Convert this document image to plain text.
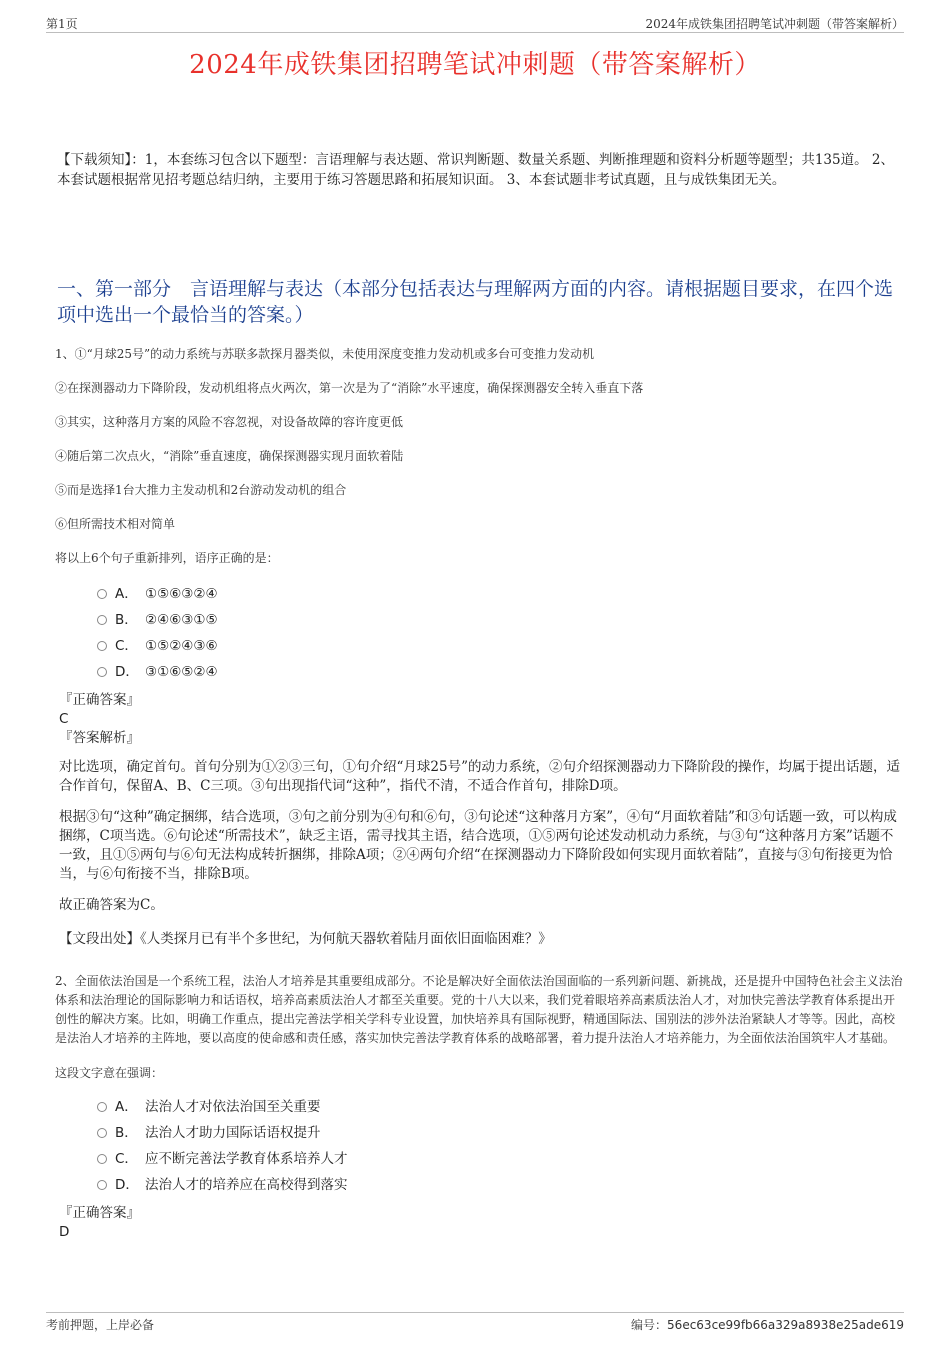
第1页	2024年成铁集团招聘笔试冲刺题（带答案解析）
2024年成铁集团招聘笔试冲刺题（带答案解析）
【下载须知】：1，本套练习包含以下题型：言语理解与表达题、常识判断题、数量关系题、判断推理题和资料分析题等题型；共135道。 2、本套试题根据常见招考题总结归纳，主要用于练习答题思路和拓展知识面。 3、本套试题非考试真题，且与成铁集团无关。
一、第一部分　言语理解与表达（本部分包括表达与理解两方面的内容。请根据题目要求，在四个选项中选出一个最恰当的答案。）

1、①“月球25号”的动力系统与苏联多款探月器类似，未使用深度变推力发动机或多台可变推力发动机

②在探测器动力下降阶段，发动机组将点火两次，第一次是为了“消除”水平速度，确保探测器安全转入垂直下落

③其实，这种落月方案的风险不容忽视，对设备故障的容许度更低

④随后第二次点火，“消除”垂直速度，确保探测器实现月面软着陆

⑤而是选择1台大推力主发动机和2台游动发动机的组合

⑥但所需技术相对简单

将以上6个句子重新排列，语序正确的是：

A． ①⑤⑥③②④
B． ②④⑥③①⑤
C． ①⑤②④③⑥
D． ③①⑥⑤②④
『正确答案』
C
『答案解析』

对比选项，确定首句。首句分别为①②③三句，①句介绍“月球25号”的动力系统，②句介绍探测器动力下降阶段的操作，均属于提出话题，适合作首句，保留A、B、C三项。③句出现指代词“这种”，指代不清，不适合作首句，排除D项。

根据③句“这种”确定捆绑，结合选项，③句之前分别为④句和⑥句，③句论述“这种落月方案”，④句“月面软着陆”和③句话题一致，可以构成捆绑，C项当选。⑥句论述“所需技术”，缺乏主语，需寻找其主语，结合选项，①⑤两句论述发动机动力系统，与③句“这种落月方案”话题不一致，且①⑤两句与⑥句无法构成转折捆绑，排除A项；②④两句介绍“在探测器动力下降阶段如何实现月面软着陆”，直接与③句衔接更为恰当，与⑥句衔接不当，排除B项。

故正确答案为C。

【文段出处】《人类探月已有半个多世纪，为何航天器软着陆月面依旧面临困难？》

2、全面依法治国是一个系统工程，法治人才培养是其重要组成部分。不论是解决好全面依法治国面临的一系列新问题、新挑战，还是提升中国特色社会主义法治体系和法治理论的国际影响力和话语权，培养高素质法治人才都至关重要。党的十八大以来，我们党着眼培养高素质法治人才，对加快完善法学教育体系提出开创性的解决方案。比如，明确工作重点，提出完善法学相关学科专业设置，加快培养具有国际视野，精通国际法、国别法的涉外法治紧缺人才等等。因此，高校是法治人才培养的主阵地，要以高度的使命感和责任感，落实加快完善法学教育体系的战略部署，着力提升法治人才培养能力，为全面依法治国筑牢人才基础。

这段文字意在强调：

A． 法治人才对依法治国至关重要
B． 法治人才助力国际话语权提升
C． 应不断完善法学教育体系培养人才
D． 法治人才的培养应在高校得到落实
『正确答案』
D
考前押题，上岸必备	编号：56ec63ce99fb66a329a8938e25ade619
